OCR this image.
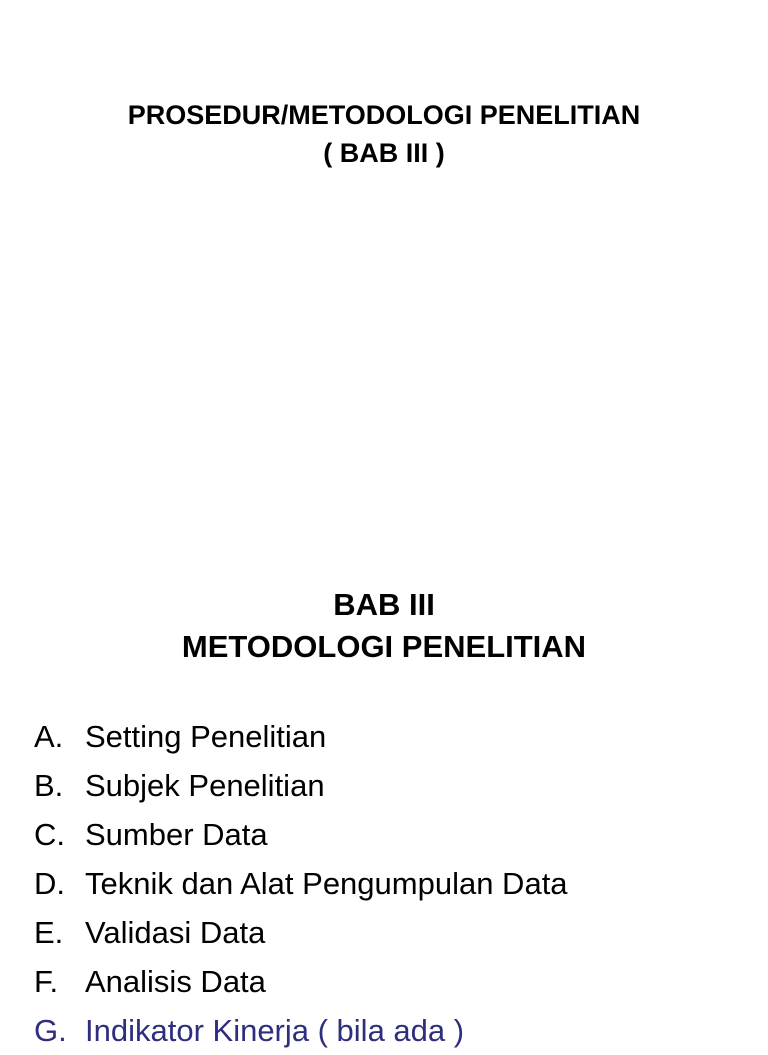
PROSEDUR/METODOLOGI PENELITIAN
( BAB III )
BAB III
METODOLOGI PENELITIAN
A. Setting Penelitian
B. Subjek Penelitian
C. Sumber Data
D. Teknik dan Alat Pengumpulan Data
E. Validasi Data
F. Analisis Data
G. Indikator Kinerja ( bila ada )
